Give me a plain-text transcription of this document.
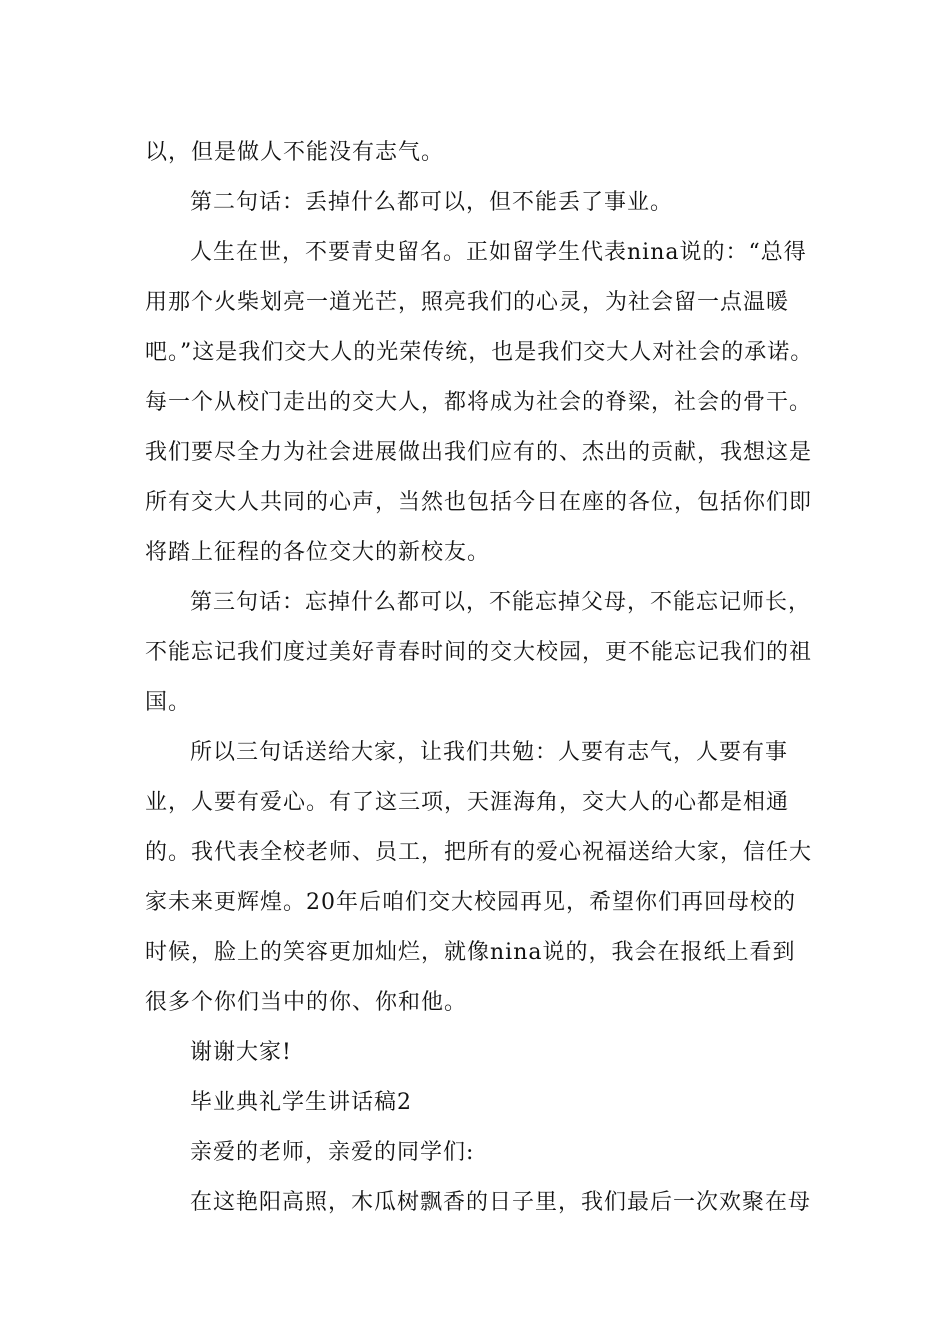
以，但是做人不能没有志气。

第二句话：丢掉什么都可以，但不能丢了事业。

人生在世，不要青史留名。正如留学生代表nina说的：“总得用那个火柴划亮一道光芒，照亮我们的心灵，为社会留一点温暖吧。”这是我们交大人的光荣传统，也是我们交大人对社会的承诺。每一个从校门走出的交大人，都将成为社会的脊梁，社会的骨干。我们要尽全力为社会进展做出我们应有的、杰出的贡献，我想这是所有交大人共同的心声，当然也包括今日在座的各位，包括你们即将踏上征程的各位交大的新校友。

第三句话：忘掉什么都可以，不能忘掉父母，不能忘记师长，不能忘记我们度过美好青春时间的交大校园，更不能忘记我们的祖国。

所以三句话送给大家，让我们共勉：人要有志气，人要有事业，人要有爱心。有了这三项，天涯海角，交大人的心都是相通的。我代表全校老师、员工，把所有的爱心祝福送给大家，信任大家未来更辉煌。20年后咱们交大校园再见，希望你们再回母校的时候，脸上的笑容更加灿烂，就像nina说的，我会在报纸上看到很多个你们当中的你、你和他。

谢谢大家!

毕业典礼学生讲话稿2

亲爱的老师，亲爱的同学们:

在这艳阳高照，木瓜树飘香的日子里，我们最后一次欢聚在母
